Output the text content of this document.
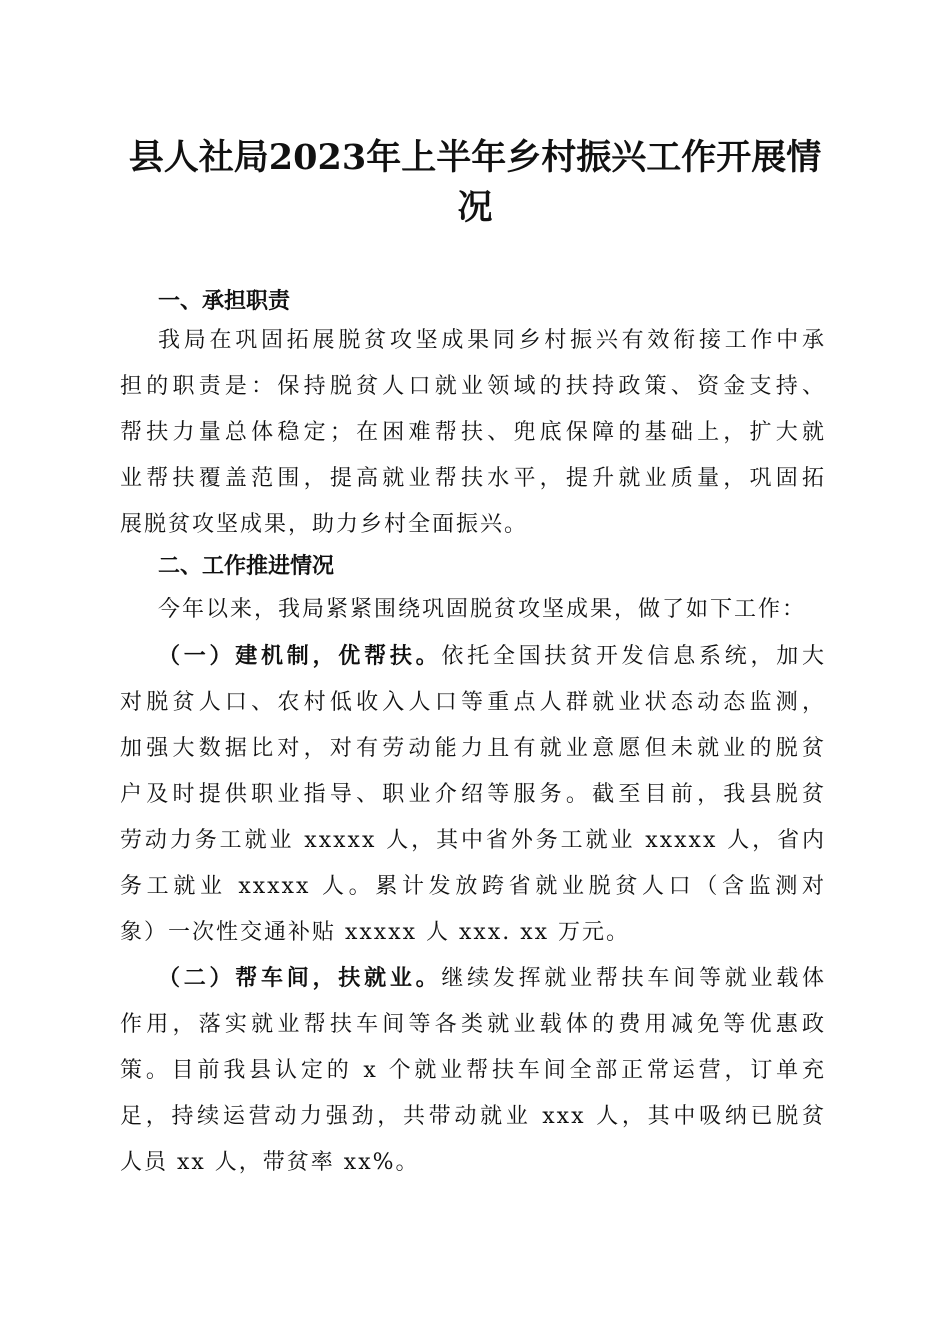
县人社局2023年上半年乡村振兴工作开展情
况
一、承担职责
我局在巩固拓展脱贫攻坚成果同乡村振兴有效衔接工作中承
担的职责是：保持脱贫人口就业领域的扶持政策、资金支持、
帮扶力量总体稳定；在困难帮扶、兜底保障的基础上，扩大就
业帮扶覆盖范围，提高就业帮扶水平，提升就业质量，巩固拓
展脱贫攻坚成果，助力乡村全面振兴。
二、工作推进情况
今年以来，我局紧紧围绕巩固脱贫攻坚成果，做了如下工作：
（一）建机制，优帮扶。依托全国扶贫开发信息系统，加大
对脱贫人口、农村低收入人口等重点人群就业状态动态监测，
加强大数据比对，对有劳动能力且有就业意愿但未就业的脱贫
户及时提供职业指导、职业介绍等服务。截至目前，我县脱贫
劳动力务工就业 xxxxx 人，其中省外务工就业 xxxxx 人，省内
务工就业 xxxxx 人。累计发放跨省就业脱贫人口（含监测对
象）一次性交通补贴 xxxxx 人 xxx. xx 万元。
（二）帮车间，扶就业。继续发挥就业帮扶车间等就业载体
作用，落实就业帮扶车间等各类就业载体的费用减免等优惠政
策。目前我县认定的 x 个就业帮扶车间全部正常运营，订单充
足，持续运营动力强劲，共带动就业 xxx 人，其中吸纳已脱贫
人员 xx 人，带贫率 xx%。
